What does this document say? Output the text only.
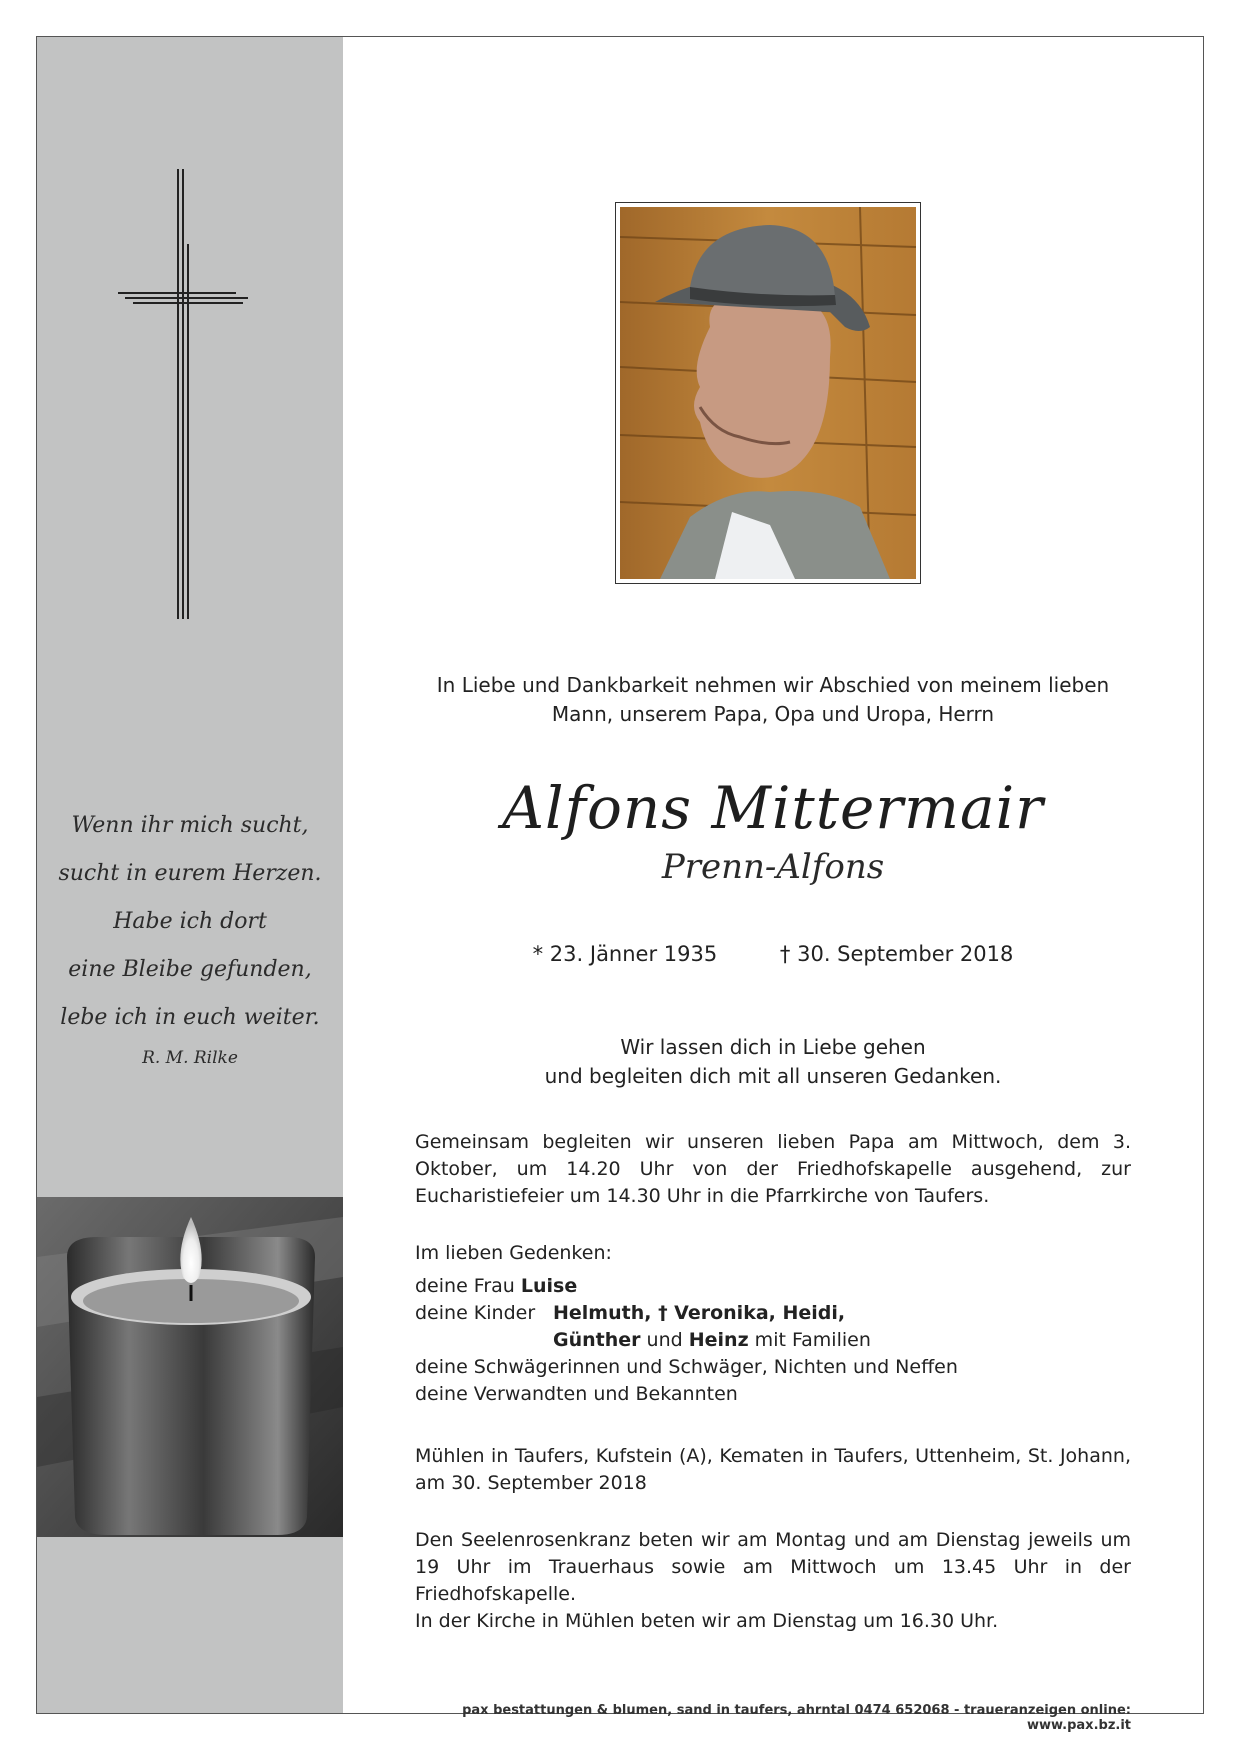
Wenn ihr mich sucht,
sucht in eurem Herzen.
Habe ich dort
eine Bleibe gefunden,
lebe ich in euch weiter.
R. M. Rilke
In Liebe und Dankbarkeit nehmen wir Abschied von meinem lieben
Mann, unserem Papa, Opa und Uropa, Herrn
Alfons Mittermair
Prenn-Alfons
* 23. Jänner 1935	† 30. September 2018
Wir lassen dich in Liebe gehen
und begleiten dich mit all unseren Gedanken.
Gemeinsam begleiten wir unseren lieben Papa am Mittwoch, dem 3. Oktober, um 14.20 Uhr von der Friedhofskapelle ausgehend, zur Eucharistiefeier um 14.30 Uhr in die Pfarrkirche von Taufers.
Im lieben Gedenken:
deine Frau Luise
deine Kinder Helmuth, † Veronika, Heidi,
Günther und Heinz mit Familien
deine Schwägerinnen und Schwäger, Nichten und Neffen
deine Verwandten und Bekannten
Mühlen in Taufers, Kufstein (A), Kematen in Taufers, Uttenheim, St. Johann, am 30. September 2018
Den Seelenrosenkranz beten wir am Montag und am Dienstag jeweils um 19 Uhr im Trauerhaus sowie am Mittwoch um 13.45 Uhr in der Friedhofskapelle.
In der Kirche in Mühlen beten wir am Dienstag um 16.30 Uhr.
pax bestattungen & blumen, sand in taufers, ahrntal 0474 652068 - traueranzeigen online: www.pax.bz.it
